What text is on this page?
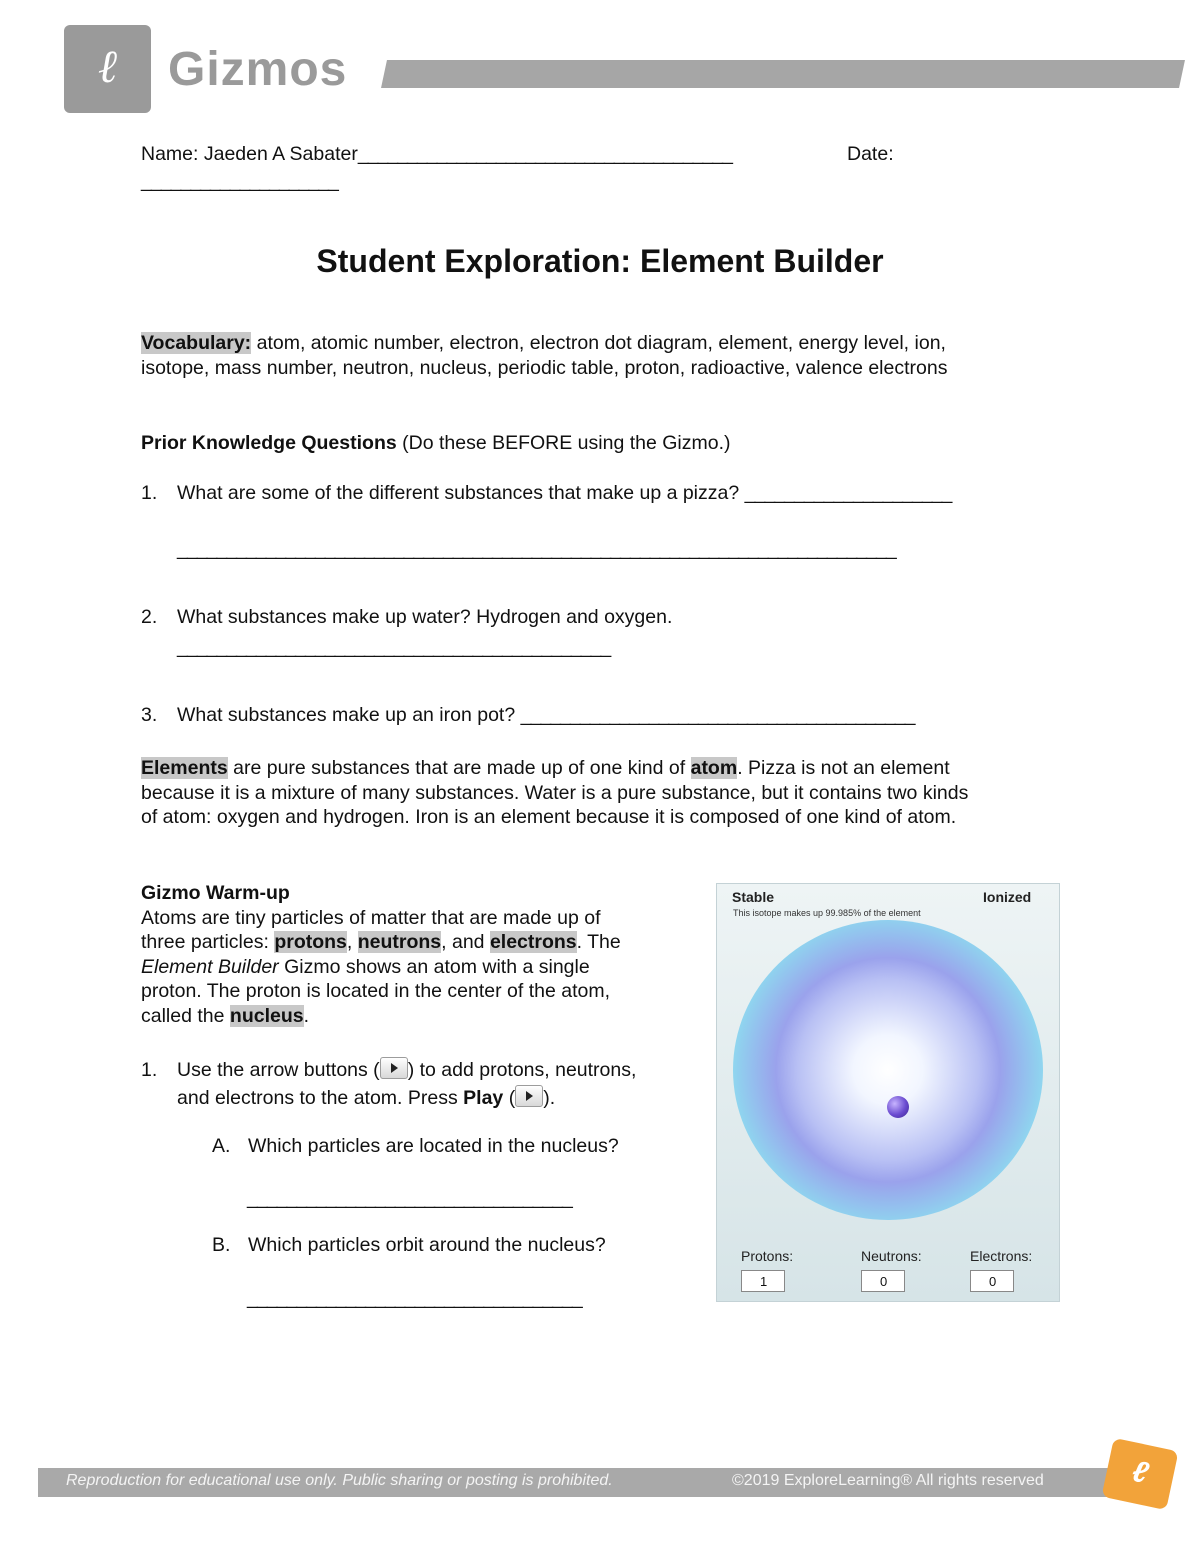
ℓ	Gizmos
Name: Jaeden A Sabater______________________________________	Date:
____________________
Student Exploration: Element Builder
Vocabulary: atom, atomic number, electron, electron dot diagram, element, energy level, ion,
isotope, mass number, neutron, nucleus, periodic table, proton, radioactive, valence electrons
Prior Knowledge Questions (Do these BEFORE using the Gizmo.)
1. What are some of the different substances that make up a pizza? _____________________
_________________________________________________________________________
2. What substances make up water? Hydrogen and oxygen.
____________________________________________
3. What substances make up an iron pot? ________________________________________
Elements are pure substances that are made up of one kind of atom. Pizza is not an element
because it is a mixture of many substances. Water is a pure substance, but it contains two kinds
of atom: oxygen and hydrogen. Iron is an element because it is composed of one kind of atom.
Gizmo Warm-up
Atoms are tiny particles of matter that are made up of
three particles: protons, neutrons, and electrons. The
Element Builder Gizmo shows an atom with a single
proton. The proton is located in the center of the atom,
called the nucleus.
1. Use the arrow buttons ( ) to add protons, neutrons,
and electrons to the atom. Press Play ( ).
A. Which particles are located in the nucleus?
_________________________________
B. Which particles orbit around the nucleus?
__________________________________
Stable	Ionized
This isotope makes up 99.985% of the element
Protons:	Neutrons:	Electrons:
1	0	0
Reproduction for educational use only. Public sharing or posting is prohibited.	©2019 ExploreLearning® All rights reserved	ℓ
